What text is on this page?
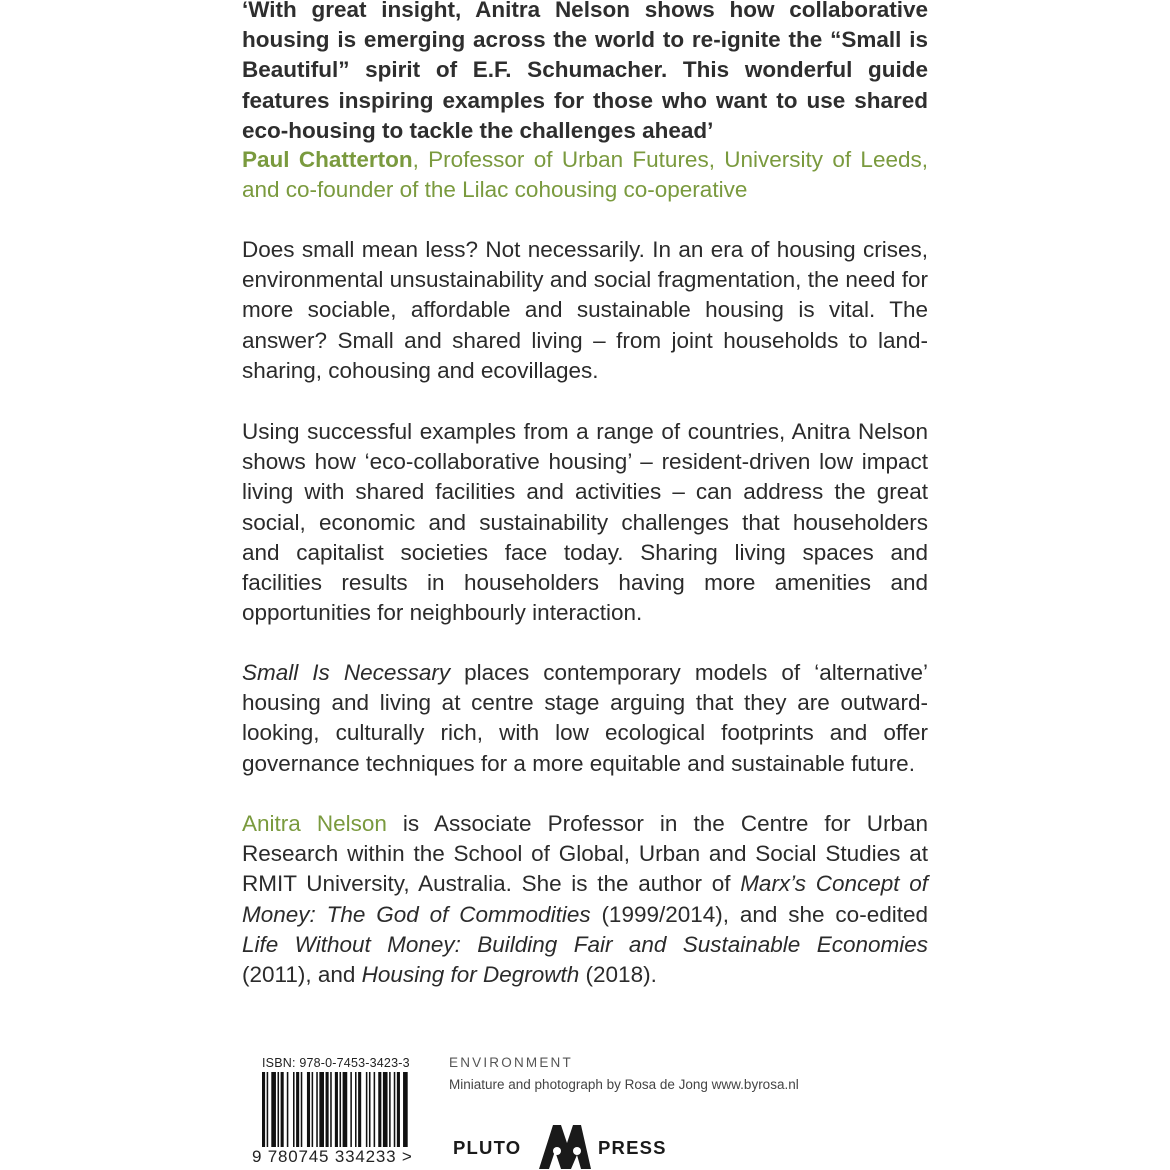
‘With great insight, Anitra Nelson shows how collaborative housing is emerging across the world to re-ignite the “Small is Beautiful” spirit of E.F. Schumacher. This wonderful guide features inspiring examples for those who want to use shared eco-housing to tackle the challenges ahead’
Paul Chatterton, Professor of Urban Futures, University of Leeds, and co-founder of the Lilac cohousing co-operative
Does small mean less? Not necessarily. In an era of housing crises, environmental unsustainability and social fragmentation, the need for more sociable, affordable and sustainable housing is vital. The answer? Small and shared living – from joint households to land-sharing, cohousing and ecovillages.
Using successful examples from a range of countries, Anitra Nelson shows how ‘eco-collaborative housing’ – resident-driven low impact living with shared facilities and activities – can address the great social, economic and sustainability challenges that householders and capitalist societies face today. Sharing living spaces and facilities results in householders having more amenities and opportunities for neighbourly interaction.
Small Is Necessary places contemporary models of ‘alternative’ housing and living at centre stage arguing that they are outward-looking, culturally rich, with low ecological footprints and offer governance techniques for a more equitable and sustainable future.
Anitra Nelson is Associate Professor in the Centre for Urban Research within the School of Global, Urban and Social Studies at RMIT University, Australia. She is the author of Marx’s Concept of Money: The God of Commodities (1999/2014), and she co-edited Life Without Money: Building Fair and Sustainable Economies (2011), and Housing for Degrowth (2018).
ISBN: 978-0-7453-3423-3
9 780745 334233 >
ENVIRONMENT
Miniature and photograph by Rosa de Jong www.byrosa.nl
PLUTO	PRESS
